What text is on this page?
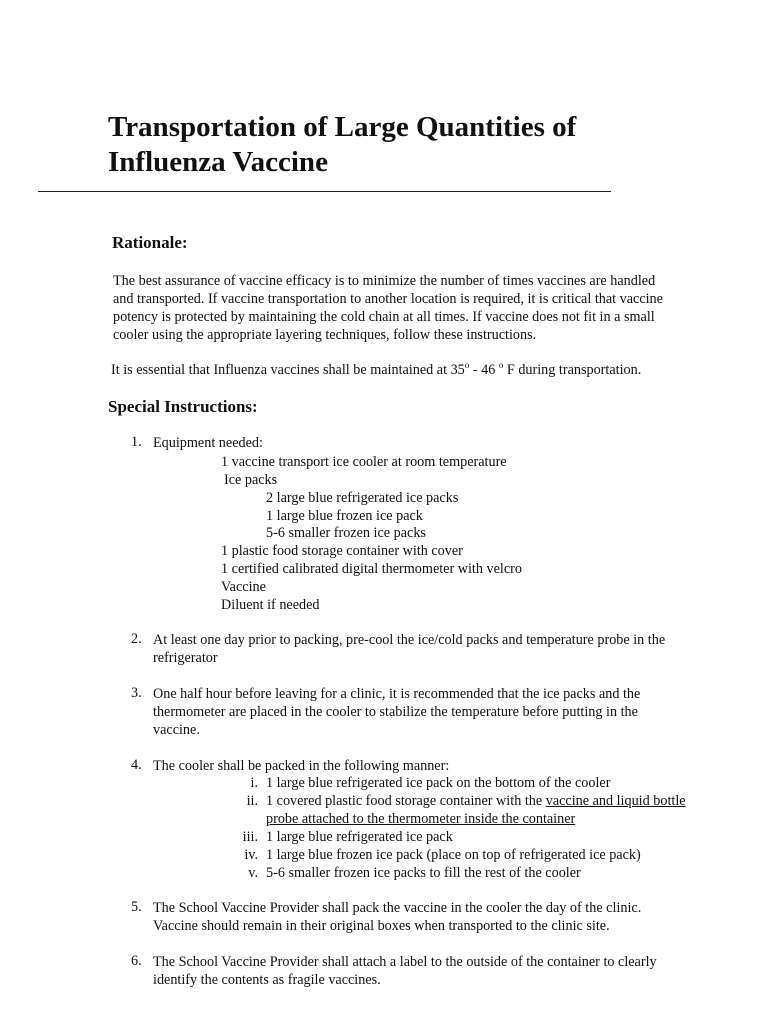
Transportation of Large Quantities of
Influenza Vaccine
Rationale:
The best assurance of vaccine efficacy is to minimize the number of times vaccines are handled
and transported. If vaccine transportation to another location is required, it is critical that vaccine
potency is protected by maintaining the cold chain at all times. If vaccine does not fit in a small
cooler using the appropriate layering techniques, follow these instructions.
It is essential that Influenza vaccines shall be maintained at 35$^o$ - 46 $^o$ F during transportation.
Special Instructions:
1. Equipment needed:
1 vaccine transport ice cooler at room temperature
Ice packs
2 large blue refrigerated ice packs
1 large blue frozen ice pack
5-6 smaller frozen ice packs
1 plastic food storage container with cover
1 certified calibrated digital thermometer with velcro
Vaccine
Diluent if needed
2. At least one day prior to packing, pre-cool the ice/cold packs and temperature probe in the
refrigerator
3. One half hour before leaving for a clinic, it is recommended that the ice packs and the
thermometer are placed in the cooler to stabilize the temperature before putting in the
vaccine.
4. The cooler shall be packed in the following manner:
i. 1 large blue refrigerated ice pack on the bottom of the cooler
ii. 1 covered plastic food storage container with the vaccine and liquid bottle
probe attached to the thermometer inside the container
iii. 1 large blue refrigerated ice pack
iv. 1 large blue frozen ice pack (place on top of refrigerated ice pack)
v. 5-6 smaller frozen ice packs to fill the rest of the cooler
5. The School Vaccine Provider shall pack the vaccine in the cooler the day of the clinic.
Vaccine should remain in their original boxes when transported to the clinic site.
6. The School Vaccine Provider shall attach a label to the outside of the container to clearly
identify the contents as fragile vaccines.
